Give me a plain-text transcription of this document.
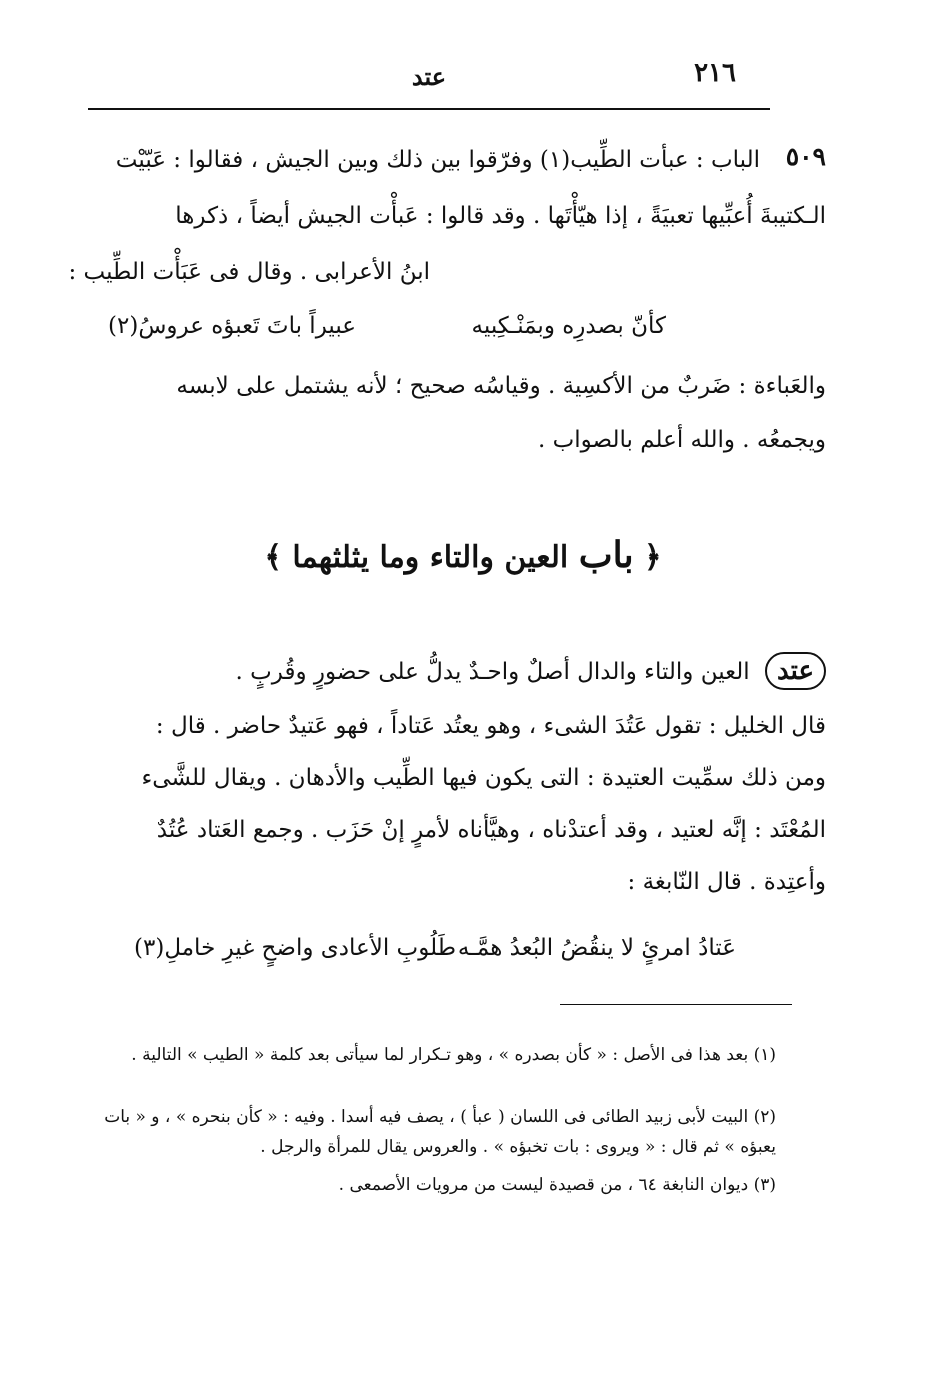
٢١٦
عتد
٥٠٩
الباب : عبأت الطِّيب(١) وفرّقوا بين ذلك وبين الجيش ، فقالوا : عَبّيْت
الـكتيبةَ أُعبِّيها تعبيَةً ، إذا هيّأْتَها . وقد قالوا : عَبأْت الجيش أيضاً ، ذكرها
ابنُ الأعرابى . وقال فى عَبَأْت الطِّيب :
كأنّ بصدرِه وبمَنْـكِبيه
عبيراً باتَ تَعبؤه عروسُ(٢)
والعَباءة : ضَربٌ من الأكسِية . وقياسُه صحيح ؛ لأنه يشتمل على لابسه
ويجمعُه . والله أعلم بالصواب .
﴿ باب العين والتاء وما يثلثهما ﴾
عتد العين والتاء والدال أصلٌ واحـدٌ يدلُّ على حضورٍ وقُربٍ .
قال الخليل : تقول عَتُدَ الشىء ، وهو يعتُد عَتاداً ، فهو عَتيدٌ حاضر . قال :
ومن ذلك سمِّيت العتيدة : التى يكون فيها الطِّيب والأدهان . ويقال للشَّىء
المُعْتَد : إنَّه لعتيد ، وقد أعتدْناه ، وهيَّأناه لأمرٍ إنْ حَزَب . وجمع العَتاد عُتُدٌ
وأعتِدة . قال النّابغة :
عَتادُ امرئٍ لا ينقُضُ البُعدُ همَّـه
طَلُوبِ الأعادى واضحٍ غيرِ خاملِ(٣)
(١) بعد هذا فى الأصل : « كأن بصدره » ، وهو تـكرار لما سيأتى بعد كلمة « الطيب » التالية .
(٢) البيت لأبى زبيد الطائى فى اللسان ( عبأ ) ، يصف فيه أسدا . وفيه : « كأن بنحره » ، و « بات يعبؤه » ثم قال : « ويروى : بات تخبؤه » . والعروس يقال للمرأة والرجل .
(٣) ديوان النابغة ٦٤ ، من قصيدة ليست من مرويات الأصمعى .
